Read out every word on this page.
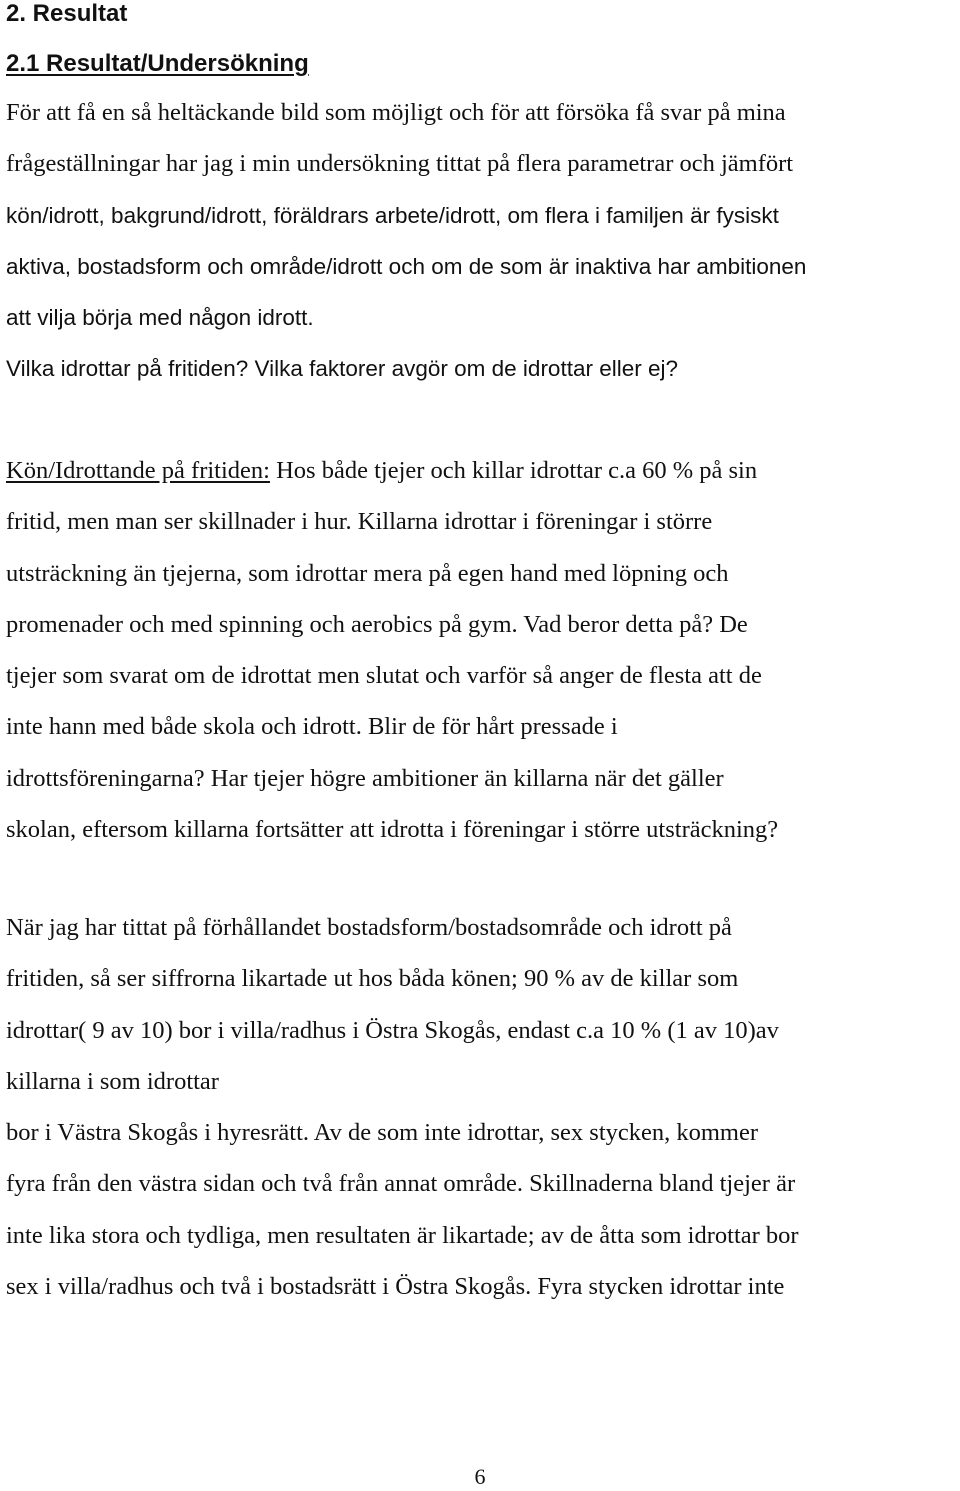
2. Resultat
2.1 Resultat/Undersökning
För att få en så heltäckande bild som möjligt och för att försöka få svar på mina
frågeställningar har jag i min undersökning tittat på flera parametrar och jämfört
kön/idrott, bakgrund/idrott, föräldrars arbete/idrott, om flera i familjen är fysiskt
aktiva, bostadsform och område/idrott och om de som är inaktiva har ambitionen
att vilja börja med någon idrott.
Vilka idrottar på fritiden? Vilka faktorer avgör om de idrottar eller ej?
Kön/Idrottande på fritiden: Hos både tjejer och killar idrottar c.a 60 % på sin
fritid, men man ser skillnader i hur. Killarna idrottar i föreningar i större
utsträckning än tjejerna, som idrottar mera på egen hand med löpning och
promenader och med spinning och aerobics på gym. Vad beror detta på? De
tjejer som svarat om de idrottat men slutat och varför så anger de flesta att de
inte hann med både skola och idrott. Blir de för hårt pressade i
idrottsföreningarna? Har tjejer högre ambitioner än killarna när det gäller
skolan, eftersom killarna fortsätter att idrotta i föreningar i större utsträckning?
När jag har tittat på förhållandet bostadsform/bostadsområde och idrott på
fritiden, så ser siffrorna likartade ut hos båda könen; 90 % av de killar som
idrottar( 9 av 10) bor i villa/radhus i Östra Skogås, endast c.a 10 % (1 av 10)av
killarna i som idrottar
bor i Västra Skogås i hyresrätt. Av de som inte idrottar, sex stycken, kommer
fyra från den västra sidan och två från annat område. Skillnaderna bland tjejer är
inte lika stora och tydliga, men resultaten är likartade; av de åtta som idrottar bor
sex i villa/radhus och två i bostadsrätt i Östra Skogås. Fyra stycken idrottar inte
6
